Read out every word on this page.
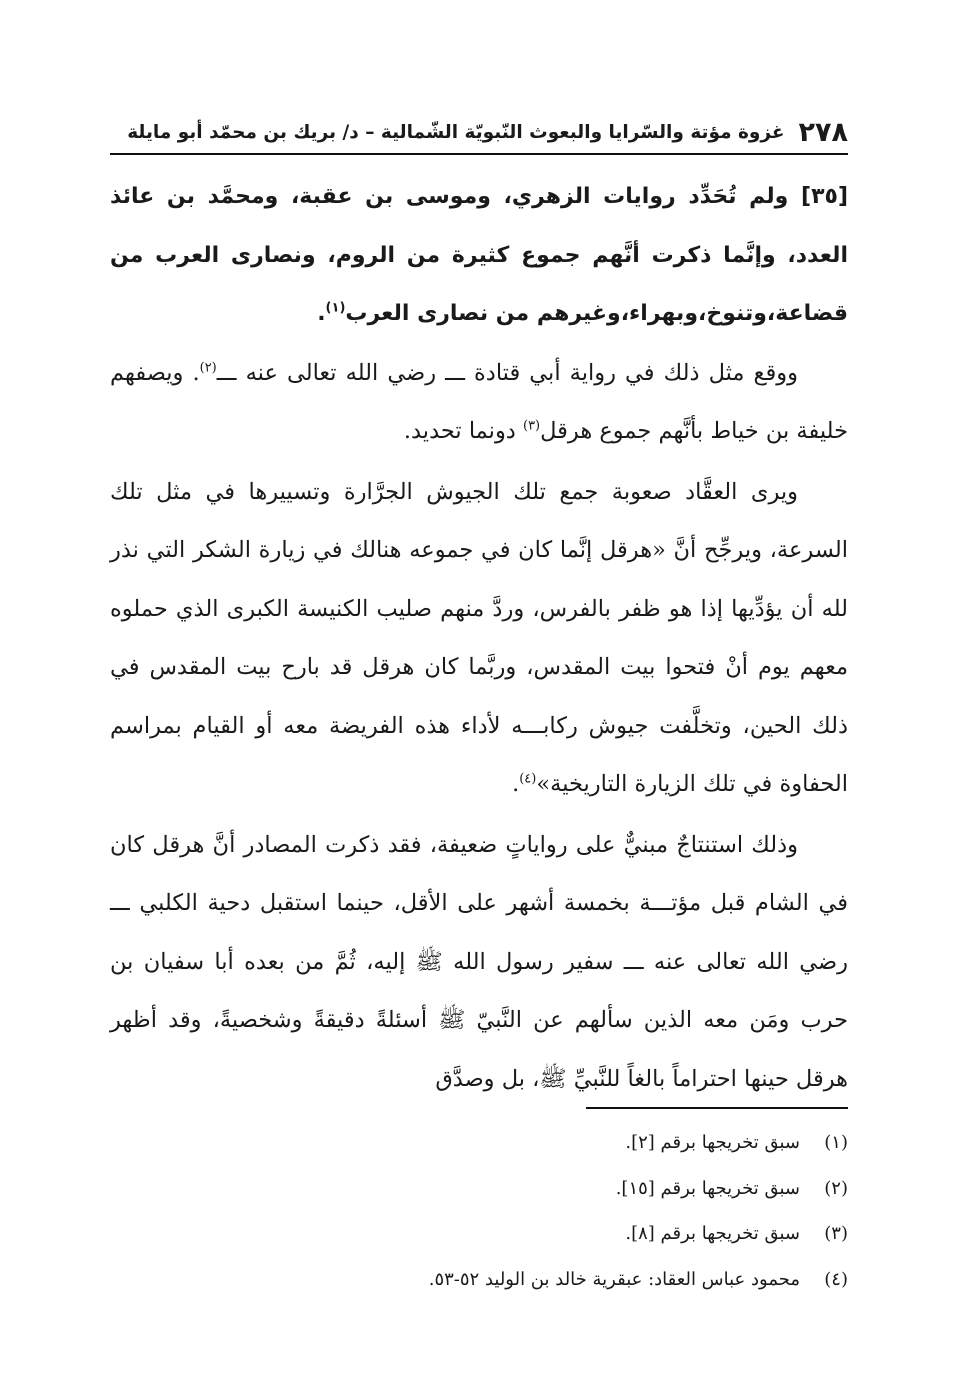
٢٧٨
غزوة مؤتة والسّرايا والبعوث النّبويّة الشّمالية – د/ بريك بن محمّد أبو مايلة

[٣٥] ولم تُحَدِّد روايات الزهري، وموسى بن عقبة، ومحمَّد بن عائذ العدد، وإنَّما ذكرت أنَّهم جموع كثيرة من الروم، ونصارى العرب من قضاعة،وتنوخ،وبهراء،وغيرهم من نصارى العرب$^{(١)}$.

ووقع مثل ذلك في رواية أبي قتادة ـــ رضي الله تعالى عنه ـــ$^{(٢)}$. ويصفهم خليفة بن خياط بأنَّهم جموع هرقل$^{(٣)}$ دونما تحديد.

ويرى العقَّاد صعوبة جمع تلك الجيوش الجرَّارة وتسييرها في مثل تلك السرعة، ويرجِّح أنَّ «هرقل إنَّما كان في جموعه هنالك في زيارة الشكر التي نذر لله أن يؤدِّيها إذا هو ظفر بالفرس، وردَّ منهم صليب الكنيسة الكبرى الذي حملوه معهم يوم أنْ فتحوا بيت المقدس، وربَّما كان هرقل قد بارح بيت المقدس في ذلك الحين، وتخلَّفت جيوش ركابـــه لأداء هذه الفريضة معه أو القيام بمراسم الحفاوة في تلك الزيارة التاريخية»$^{(٤)}$.

وذلك استنتاجٌ مبنيٌّ على رواياتٍ ضعيفة، فقد ذكرت المصادر أنَّ هرقل كان في الشام قبل مؤتـــة بخمسة أشهر على الأقل، حينما استقبل دحية الكلبي ـــ رضي الله تعالى عنه ـــ سفير رسول الله ﷺ إليه، ثُمَّ من بعده أبا سفيان بن حرب ومَن معه الذين سألهم عن النَّبيّ ﷺ أسئلةً دقيقةً وشخصيةً، وقد أظهر هرقل حينها احتراماً بالغاً للنَّبيِّ ﷺ، بل وصدَّق

(١)
سبق تخريجها برقم [٢].
(٢)
سبق تخريجها برقم [١٥].
(٣)
سبق تخريجها برقم [٨].
(٤)
محمود عباس العقاد: عبقرية خالد بن الوليد ٥٢-٥٣.
